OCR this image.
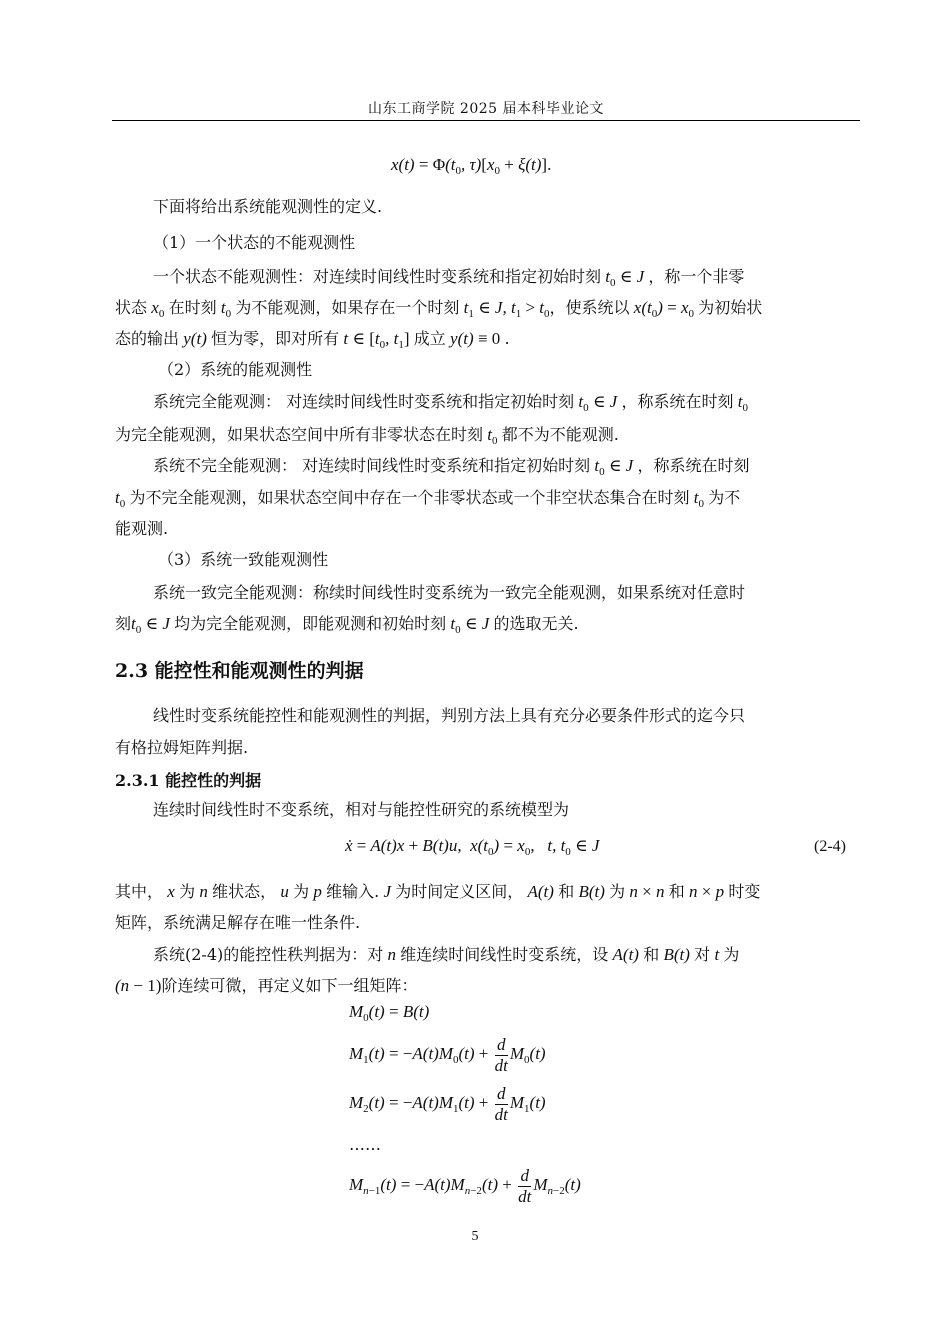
山东工商学院 2025 届本科毕业论文
$x(t) = \Phi(t_0$, $\tau)[x_0 + \xi(t)]$.
下面将给出系统能观测性的定义.
（1）一个状态的不能观测性
一个状态不能观测性：对连续时间线性时变系统和指定初始时刻 $t_0$ ∈ J ，称一个非零
状态 $x_0$ 在时刻 $t_0$ 为不能观测，如果存在一个时刻 $t_1$ ∈ J, $t_1 > t_0$，使系统以 $x(t_0) = x_0$ 为初始状
态的输出 y(t) 恒为零，即对所有 t ∈ [$t_0$, $t_1$] 成立 y(t) ≡ 0 .
（2）系统的能观测性
系统完全能观测： 对连续时间线性时变系统和指定初始时刻 $t_0$ ∈ J ，称系统在时刻 $t_0$
为完全能观测，如果状态空间中所有非零状态在时刻 $t_0$ 都不为不能观测.
系统不完全能观测： 对连续时间线性时变系统和指定初始时刻 $t_0$ ∈ J ，称系统在时刻
$t_0$ 为不完全能观测，如果状态空间中存在一个非零状态或一个非空状态集合在时刻 $t_0$ 为不
能观测.
（3）系统一致能观测性
系统一致完全能观测：称续时间线性时变系统为一致完全能观测，如果系统对任意时
刻$t_0$ ∈ J 均为完全能观测，即能观测和初始时刻 $t_0$ ∈ J 的选取无关.
2.3 能控性和能观测性的判据
线性时变系统能控性和能观测性的判据，判别方法上具有充分必要条件形式的迄今只
有格拉姆矩阵判据.
2.3.1 能控性的判据
连续时间线性时不变系统，相对与能控性研究的系统模型为
ẋ = A(t)x + B(t)u,  $x(t_0) = x_0$,   t, $t_0$ ∈ J	(2-4)
其中， x 为 n 维状态， u 为 p 维输入. J 为时间定义区间， A(t) 和 B(t) 为 n × n 和 n × p 时变
矩阵，系统满足解存在唯一性条件.
系统(2-4)的能控性秩判据为：对 n 维连续时间线性时变系统，设 A(t) 和 B(t) 对 t 为
(n − 1)阶连续可微，再定义如下一组矩阵：
$M_0(t) = B(t)$
$M_1(t) = -A(t)M_0(t) + \frac{d}{dt} M_0(t)$
$M_2(t) = -A(t)M_1(t) + \frac{d}{dt} M_1(t)$
……
$M_{n-1}(t) = -A(t)M_{n-2}(t) + \frac{d}{dt} M_{n-2}(t)$
5
